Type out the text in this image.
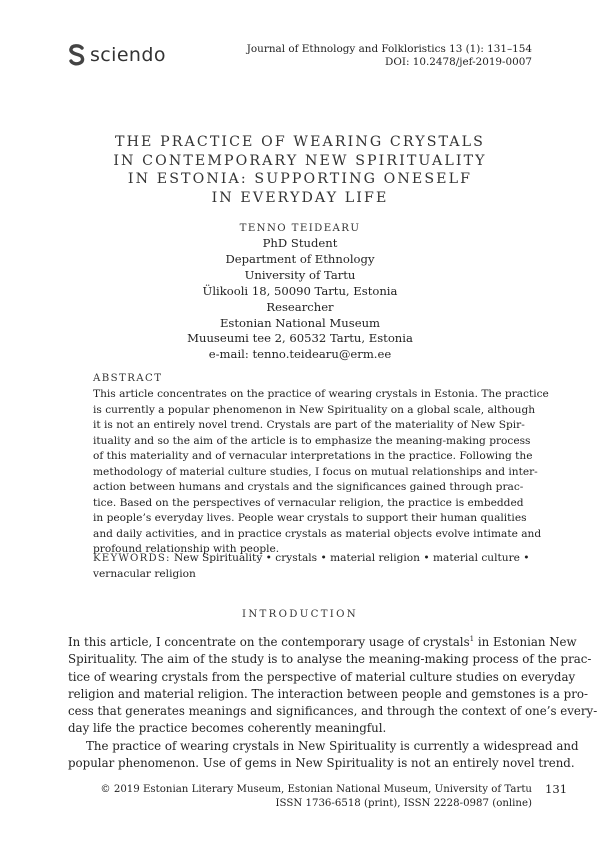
sciendo	Journal of Ethnology and Folkloristics 13 (1): 131–154
DOI: 10.2478/jef-2019-0007
THE PRACTICE OF WEARING CRYSTALS
IN CONTEMPORARY NEW SPIRITUALITY
IN ESTONIA: SUPPORTING ONESELF
IN EVERYDAY LIFE
TENNO TEIDEARU
PhD Student
Department of Ethnology
University of Tartu
Ülikooli 18, 50090 Tartu, Estonia
Researcher
Estonian National Museum
Muuseumi tee 2, 60532 Tartu, Estonia
e-mail: tenno.teidearu@erm.ee
ABSTRACT
This article concentrates on the practice of wearing crystals in Estonia. The practice
is currently a popular phenomenon in New Spirituality on a global scale, although
it is not an entirely novel trend. Crystals are part of the materiality of New Spir-
ituality and so the aim of the article is to emphasize the meaning-making process
of this materiality and of vernacular interpretations in the practice. Following the
methodology of material culture studies, I focus on mutual relationships and inter-
action between humans and crystals and the significances gained through prac-
tice. Based on the perspectives of vernacular religion, the practice is embedded
in people’s everyday lives. People wear crystals to support their human qualities
and daily activities, and in practice crystals as material objects evolve intimate and
profound relationship with people.
KEYWORDS: New Spirituality • crystals • material religion • material culture •
vernacular religion
INTRODUCTION
In this article, I concentrate on the contemporary usage of crystals$^1$ in Estonian New
Spirituality. The aim of the study is to analyse the meaning-making process of the prac-
tice of wearing crystals from the perspective of material culture studies on everyday
religion and material religion. The interaction between people and gemstones is a pro-
cess that generates meanings and significances, and through the context of one’s every-
day life the practice becomes coherently meaningful.
The practice of wearing crystals in New Spirituality is currently a widespread and
popular phenomenon. Use of gems in New Spirituality is not an entirely novel trend.
© 2019 Estonian Literary Museum, Estonian National Museum, University of Tartu
ISSN 1736-6518 (print), ISSN 2228-0987 (online)
131
